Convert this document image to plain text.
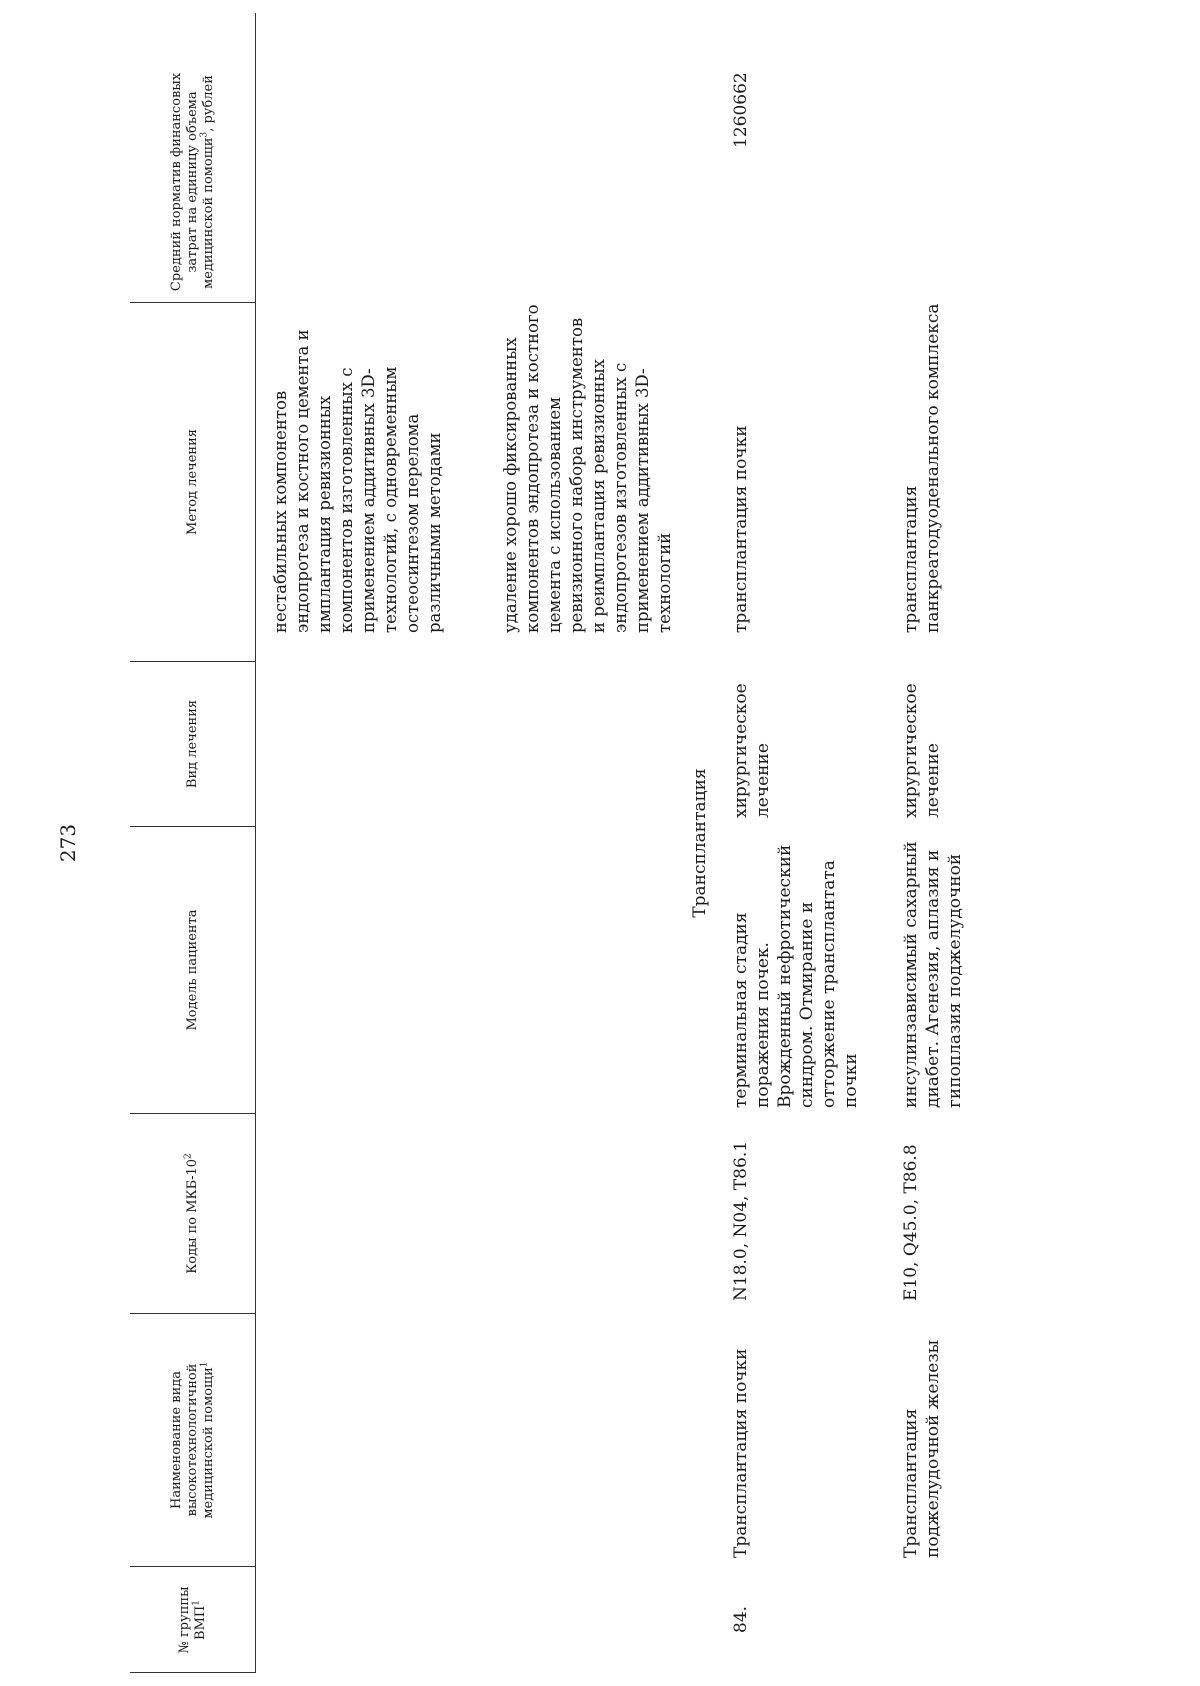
273
№ группы ВМП$^1$
Наименование вида высокотехнологичной медицинской помощи$^1$
Коды по МКБ-$10^2$
Модель пациента
Вид лечения
Метод лечения
Средний норматив финансовых затрат на единицу объема медицинской помощи$^3$, рублей
нестабильных компонентов эндопротеза и костного цемента и имплантация ревизионных компонентов изготовленных с применением аддитивных 3D-технологий, с одновременным остеосинтезом перелома различными методами	удаление хорошо фиксированных компонентов эндопротеза и костного цемента с использованием ревизионного набора инструментов и реимплантация ревизионных эндопротезов изготовленных с применением аддитивных 3D-технологий
Трансплантация
84.
Трансплантация почки
N18.0, N04, T86.1
терминальная стадия поражения почек. Врожденный нефротический синдром. Отмирание и отторжение трансплантата почки
хирургическое лечение
трансплантация почки
1260662
Трансплантация поджелудочной железы
E10, Q45.0, T86.8
инсулинзависимый сахарный диабет. Агенезия, аплазия и гипоплазия поджелудочной
хирургическое лечение
трансплантация панкреатодуоденального комплекса
